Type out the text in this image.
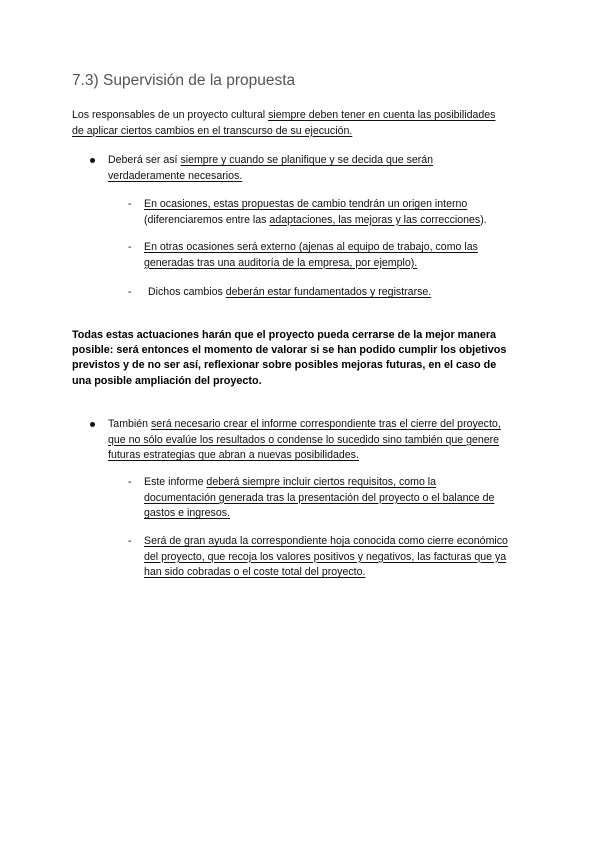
7.3) Supervisión de la propuesta

Los responsables de un proyecto cultural siempre deben tener en cuenta las posibilidades

de aplicar ciertos cambios en el transcurso de su ejecución.

Deberá ser así siempre y cuando se planifique y se decida que serán

verdaderamente necesarios.

- En ocasiones, estas propuestas de cambio tendrán un origen interno

(diferenciaremos entre las adaptaciones, las mejoras y las correcciones).

- En otras ocasiones será externo (ajenas al equipo de trabajo, como las

generadas tras una auditoría de la empresa, por ejemplo).

- Dichos cambios deberán estar fundamentados y registrarse.

Todas estas actuaciones harán que el proyecto pueda cerrarse de la mejor manera

posible: será entonces el momento de valorar si se han podido cumplir los objetivos

previstos y de no ser así, reflexionar sobre posibles mejoras futuras, en el caso de

una posible ampliación del proyecto.

También será necesario crear el informe correspondiente tras el cierre del proyecto,

que no sólo evalúe los resultados o condense lo sucedido sino también que genere

futuras estrategias que abran a nuevas posibilidades.

- Este informe deberá siempre incluir ciertos requisitos, como la

documentación generada tras la presentación del proyecto o el balance de

gastos e ingresos.

- Será de gran ayuda la correspondiente hoja conocida como cierre económico

del proyecto, que recoja los valores positivos y negativos, las facturas que ya

han sido cobradas o el coste total del proyecto.
